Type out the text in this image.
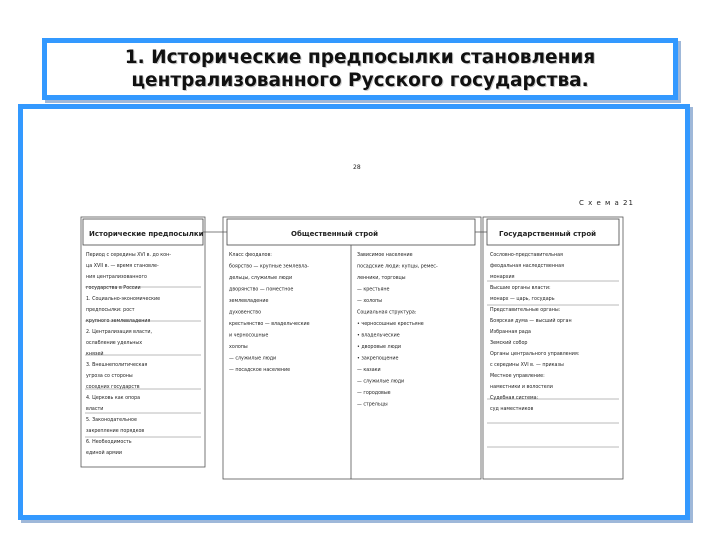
1. Исторические предпосылки становления
централизованного Русского государства.
28
С х е м а 21
Исторические предпосылки	Общественный строй	Государственный строй
Период с середины XVI в. до кон-
ца XVII в. — время становле-
ния централизованного
государства в России
1. Социально-экономические
предпосылки: рост
крупного землевладения
2. Централизация власти,
ослабление удельных
князей
3. Внешнеполитическая
угроза со стороны
соседних государств
4. Церковь как опора
власти
5. Законодательное
закрепление порядков
6. Необходимость
единой армии
Класс феодалов:
боярство — крупные землевла-
дельцы, служилые люди
дворянство — поместное
землевладение
духовенство
крестьянство — владельческие
и черносошные
холопы
— служилые люди
— посадское население
Зависимое население
посадские люди: купцы, ремес-
ленники, торговцы
— крестьяне
— холопы
Социальная структура:
• черносошные крестьяне
• владельческие
• дворовые люди
• закрепощение
— казаки
— служилые люди
— городовые
— стрельцы
Сословно-представительная
феодальная наследственная
монархия
Высшие органы власти:
монарх — царь, государь
Представительные органы:
Боярская дума — высший орган
Избранная рада
Земский собор
Органы центрального управления:
с середины XVI в. — приказы
Местное управление:
наместники и волостели
Судебная система:
суд наместников
